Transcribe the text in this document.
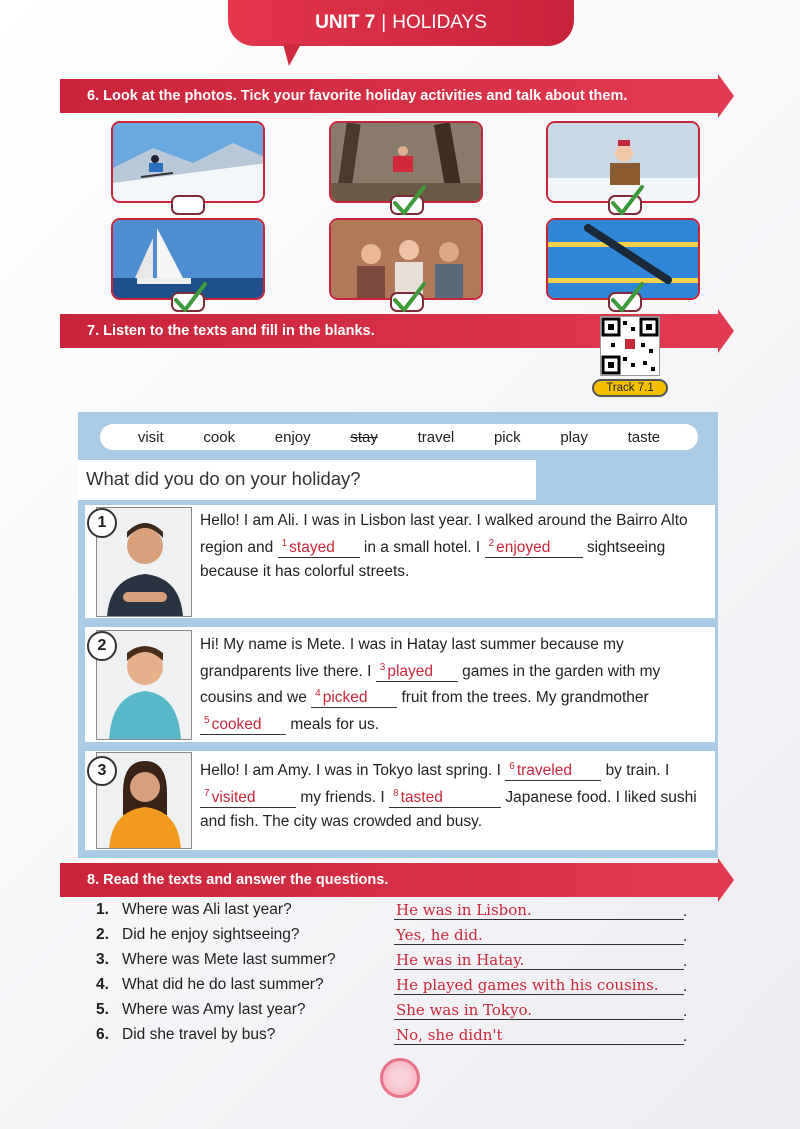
UNIT 7 | HOLIDAYS
6. Look at the photos. Tick your favorite holiday activities and talk about them.
7. Listen to the texts and fill in the blanks.
Track 7.1
visit	cook	enjoy	stay	travel	pick	play	taste
What did you do on your holiday?
1	Hello! I am Ali. I was in Lisbon last year. I walked around the Bairro Alto region and $^1$ stayed in a small hotel. I $^2$ enjoyed sightseeing because it has colorful streets.
2	Hi! My name is Mete. I was in Hatay last summer because my grandparents live there. I $^3$ played games in the garden with my cousins and we $^4$ picked fruit from the trees. My grandmother $^5$ cooked meals for us.
3	Hello! I am Amy. I was in Tokyo last spring. I $^6$ traveled by train. I $^7$ visited	my friends. I $^8$ tasted	Japanese food. I liked sushi and fish. The city was crowded and busy.
8. Read the texts and answer the questions.
1. Where was Ali last year?	He was in Lisbon.	.
2. Did he enjoy sightseeing?	Yes, he did.	.
3. Where was Mete last summer?	He was in Hatay.	.
4. What did he do last summer?	He played games with his cousins.	.
5. Where was Amy last year?	She was in Tokyo.	.
6. Did she travel by bus?	No, she didn't	.
